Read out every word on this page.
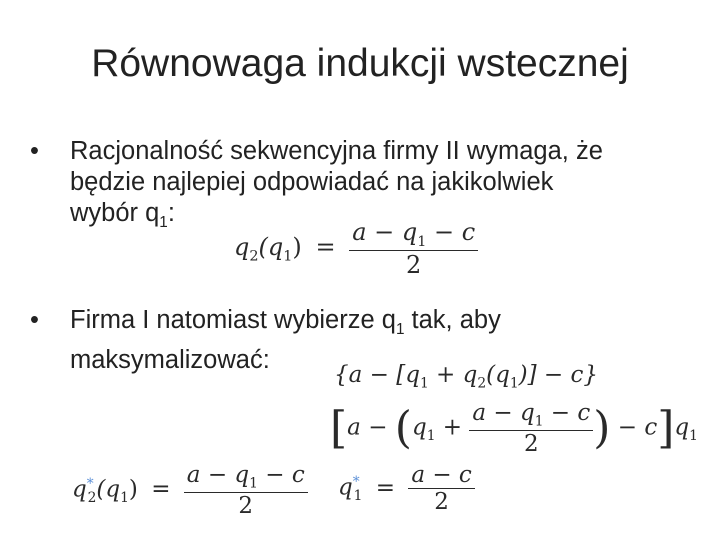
Równowaga indukcji wstecznej
• Racjonalność sekwencyjna firmy II wymaga, że
będzie najlepiej odpowiadać na jakikolwiek
wybór $q_1$:
$q_2(q_1) = \frac{a - q_1 - c}{2}$
• Firma I natomiast wybierze $q_1$ tak, aby
maksymalizować:
$\{a - [q_1 + q_2(q_1)] - c\}$
[$a - (q_1 + \frac{a - q_1 - c}{2}$ ) − $c]q_1$
$q^*_2(q_1) = \frac{a - q_1 - c}{2} q^*_1 = \frac{a - c}{2}$
